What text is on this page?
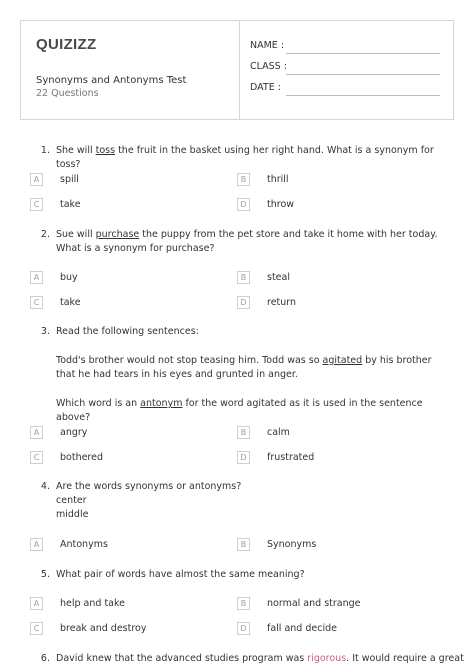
QUIZIZZ
Synonyms and Antonyms Test
22 Questions
NAME :
CLASS :
DATE :
1. She will toss the fruit in the basket using her right hand. What is a synonym for toss?
A	spill	B	thrill
C	take	D	throw
2. Sue will purchase the puppy from the pet store and take it home with her today. What is a synonym for purchase?
A	buy	B	steal
C	take	D	return
3. Read the following sentences:
Todd's brother would not stop teasing him. Todd was so agitated by his brother that he had tears in his eyes and grunted in anger.
Which word is an antonym for the word agitated as it is used in the sentence above?
A	angry	B	calm
C	bothered	D	frustrated
4. Are the words synonyms or antonyms?
center
middle
A	Antonyms	B	Synonyms
5. What pair of words have almost the same meaning?
A	help and take	B	normal and strange
C	break and destroy	D	fall and decide
6. David knew that the advanced studies program was rigorous. It would require a great
